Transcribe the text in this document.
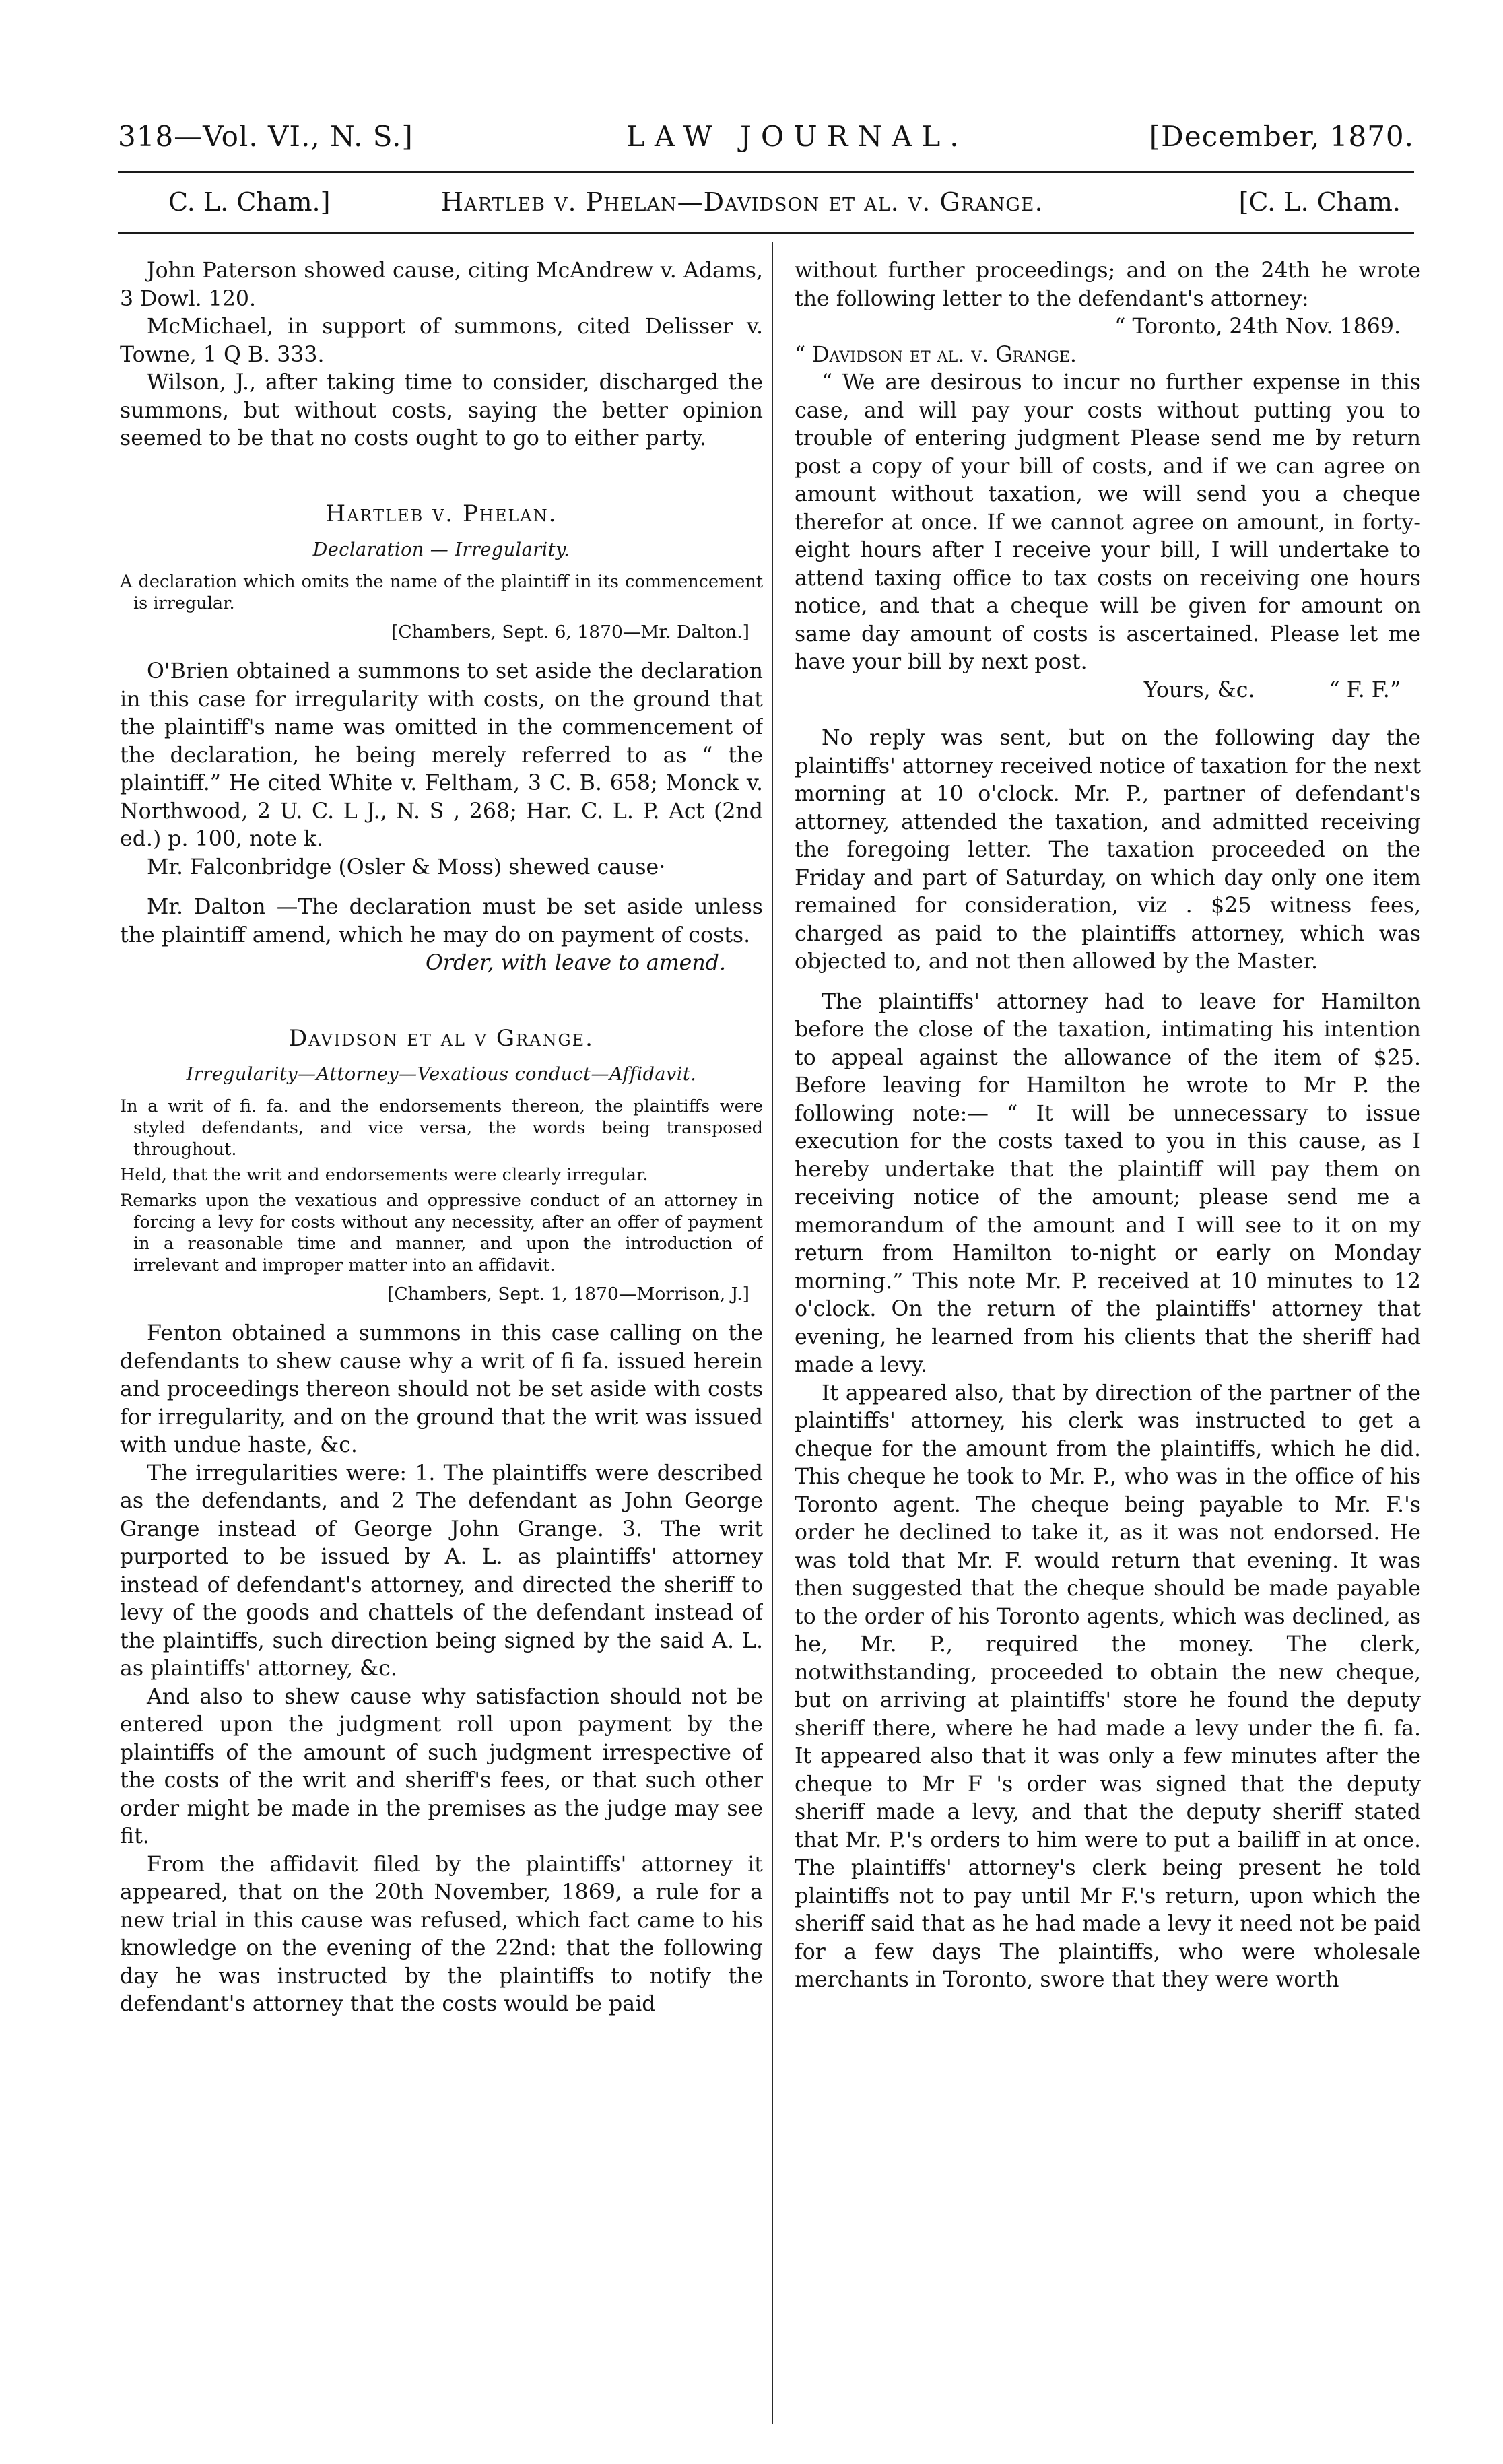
318—Vol. VI., N. S.]	LAW JOURNAL.	[December, 1870.
C. L. Cham.]	Hartleb v. Phelan—Davidson et al. v. Grange.	[C. L. Cham.

John Paterson showed cause, citing McAndrew v. Adams, 3 Dowl. 120.

McMichael, in support of summons, cited Delisser v. Towne, 1 Q B. 333.

Wilson, J., after taking time to consider, discharged the summons, but without costs, saying the better opinion seemed to be that no costs ought to go to either party.

Hartleb v. Phelan.
Declaration — Irregularity.
A declaration which omits the name of the plaintiff in its commencement is irregular.
[Chambers, Sept. 6, 1870—Mr. Dalton.]

O'Brien obtained a summons to set aside the declaration in this case for irregularity with costs, on the ground that the plaintiff's name was omitted in the commencement of the declaration, he being merely referred to as “ the plaintiff.” He cited White v. Feltham, 3 C. B. 658; Monck v. Northwood, 2 U. C. L J., N. S , 268; Har. C. L. P. Act (2nd ed.) p. 100, note k.

Mr. Falconbridge (Osler & Moss) shewed cause·

Mr. Dalton —The declaration must be set aside unless the plaintiff amend, which he may do on payment of costs.

Order, with leave to amend.
Davidson et al v Grange.
Irregularity—Attorney—Vexatious conduct—Affidavit.
In a writ of fi. fa. and the endorsements thereon, the plaintiffs were styled defendants, and vice versa, the words being transposed throughout.
Held, that the writ and endorsements were clearly irregular.
Remarks upon the vexatious and oppressive conduct of an attorney in forcing a levy for costs without any necessity, after an offer of payment in a reasonable time and manner, and upon the introduction of irrelevant and improper matter into an affidavit.
[Chambers, Sept. 1, 1870—Morrison, J.]

Fenton obtained a summons in this case calling on the defendants to shew cause why a writ of fi fa. issued herein and proceedings thereon should not be set aside with costs for irregularity, and on the ground that the writ was issued with undue haste, &c.

The irregularities were: 1. The plaintiffs were described as the defendants, and 2 The defendant as John George Grange instead of George John Grange. 3. The writ purported to be issued by A. L. as plaintiffs' attorney instead of defendant's attorney, and directed the sheriff to levy of the goods and chattels of the defendant instead of the plaintiffs, such direction being signed by the said A. L. as plaintiffs' attorney, &c.

And also to shew cause why satisfaction should not be entered upon the judgment roll upon payment by the plaintiffs of the amount of such judgment irrespective of the costs of the writ and sheriff's fees, or that such other order might be made in the premises as the judge may see fit.

From the affidavit filed by the plaintiffs' attorney it appeared, that on the 20th November, 1869, a rule for a new trial in this cause was refused, which fact came to his knowledge on the evening of the 22nd: that the following day he was instructed by the plaintiffs to notify the defendant's attorney that the costs would be paid

without further proceedings; and on the 24th he wrote the following letter to the defendant's attorney:

“ Toronto, 24th Nov. 1869.

“ Davidson et al. v. Grange.

“ We are desirous to incur no further expense in this case, and will pay your costs without putting you to trouble of entering judgment Please send me by return post a copy of your bill of costs, and if we can agree on amount without taxation, we will send you a cheque therefor at once. If we cannot agree on amount, in forty-eight hours after I receive your bill, I will undertake to attend taxing office to tax costs on receiving one hours notice, and that a cheque will be given for amount on same day amount of costs is ascertained. Please let me have your bill by next post.

Yours, &c.	“ F. F.”

No reply was sent, but on the following day the plaintiffs' attorney received notice of taxation for the next morning at 10 o'clock. Mr. P., partner of defendant's attorney, attended the taxation, and admitted receiving the foregoing letter. The taxation proceeded on the Friday and part of Saturday, on which day only one item remained for consideration, viz . $25 witness fees, charged as paid to the plaintiffs attorney, which was objected to, and not then allowed by the Master.

The plaintiffs' attorney had to leave for Hamilton before the close of the taxation, intimating his intention to appeal against the allowance of the item of $25. Before leaving for Hamilton he wrote to Mr P. the following note:— “ It will be unnecessary to issue execution for the costs taxed to you in this cause, as I hereby undertake that the plaintiff will pay them on receiving notice of the amount; please send me a memorandum of the amount and I will see to it on my return from Hamilton to-night or early on Monday morning.” This note Mr. P. received at 10 minutes to 12 o'clock. On the return of the plaintiffs' attorney that evening, he learned from his clients that the sheriff had made a levy.

It appeared also, that by direction of the partner of the plaintiffs' attorney, his clerk was instructed to get a cheque for the amount from the plaintiffs, which he did. This cheque he took to Mr. P., who was in the office of his Toronto agent. The cheque being payable to Mr. F.'s order he declined to take it, as it was not endorsed. He was told that Mr. F. would return that evening. It was then suggested that the cheque should be made payable to the order of his Toronto agents, which was declined, as he, Mr. P., required the money. The clerk, notwithstanding, proceeded to obtain the new cheque, but on arriving at plaintiffs' store he found the deputy sheriff there, where he had made a levy under the fi. fa. It appeared also that it was only a few minutes after the cheque to Mr F 's order was signed that the deputy sheriff made a levy, and that the deputy sheriff stated that Mr. P.'s orders to him were to put a bailiff in at once. The plaintiffs' attorney's clerk being present he told plaintiffs not to pay until Mr F.'s return, upon which the sheriff said that as he had made a levy it need not be paid for a few days The plaintiffs, who were wholesale merchants in Toronto, swore that they were worth
